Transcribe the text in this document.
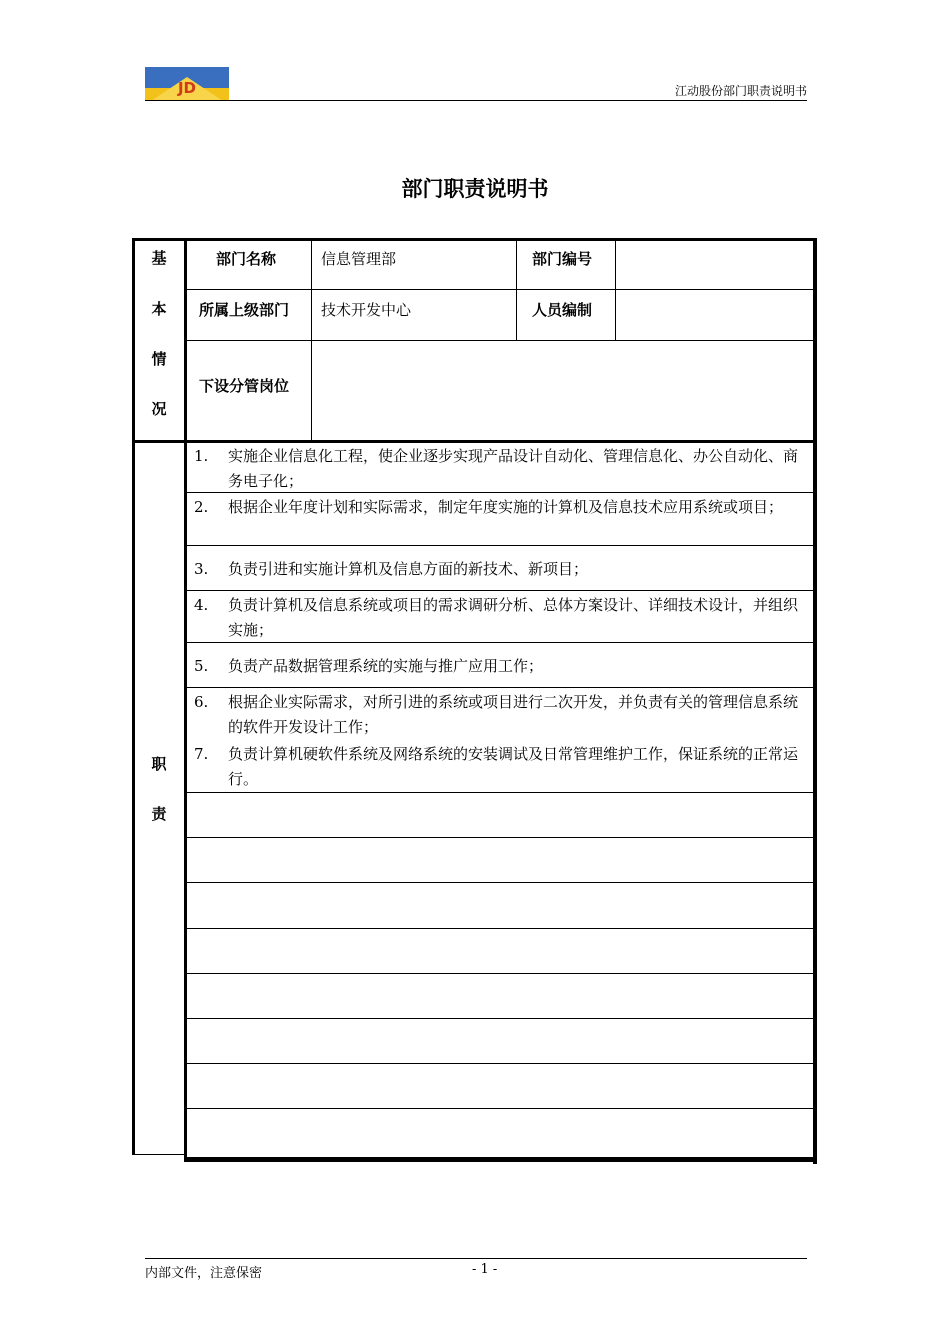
JD	江动股份部门职责说明书
部门职责说明书
基
本
情
况
部门名称	信息管理部	部门编号
所属上级部门 技术开发中心	人员编制
下设分管岗位
职
责
1. 实施企业信息化工程，使企业逐步实现产品设计自动化、管理信息化、办公自动化、商务电子化；
2. 根据企业年度计划和实际需求，制定年度实施的计算机及信息技术应用系统或项目；
3. 负责引进和实施计算机及信息方面的新技术、新项目；
4. 负责计算机及信息系统或项目的需求调研分析、总体方案设计、详细技术设计，并组织实施；
5. 负责产品数据管理系统的实施与推广应用工作；
6. 根据企业实际需求，对所引进的系统或项目进行二次开发，并负责有关的管理信息系统的软件开发设计工作；
7. 负责计算机硬软件系统及网络系统的安装调试及日常管理维护工作，保证系统的正常运行。
内部文件，注意保密	- 1 -
